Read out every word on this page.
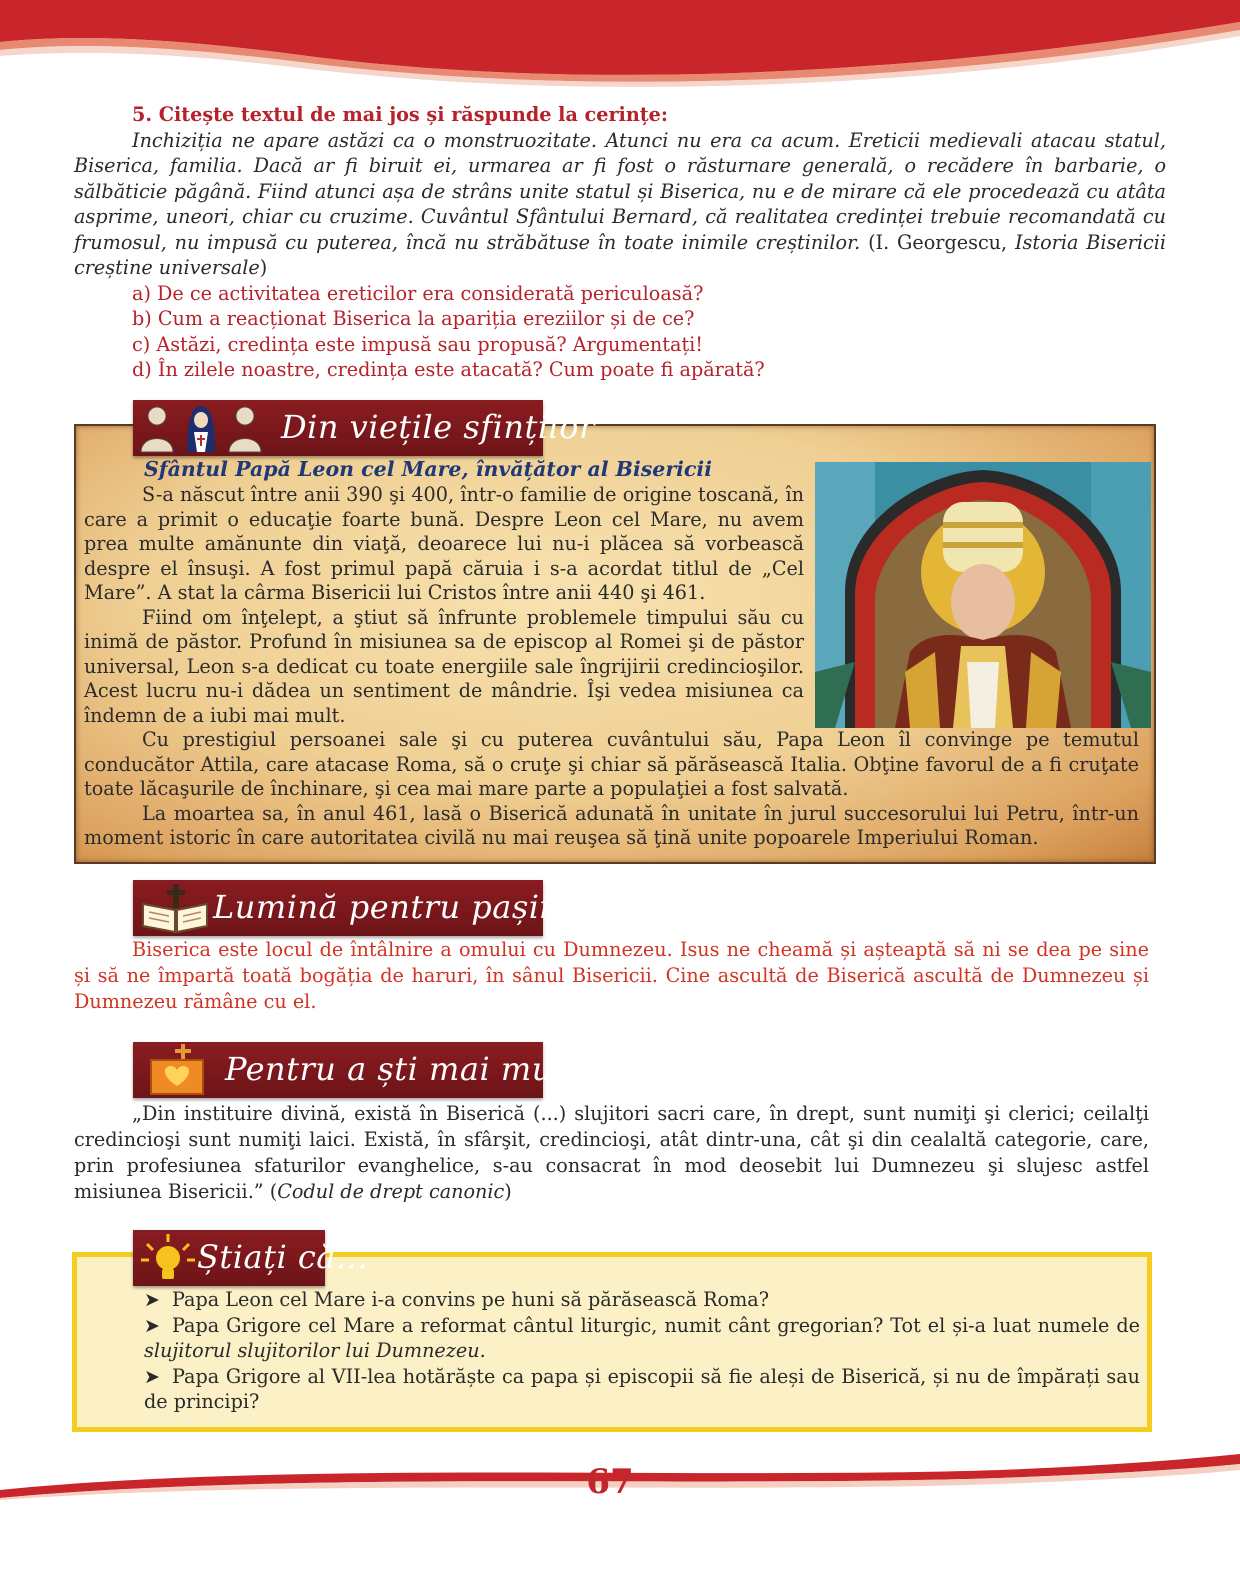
5. Citește textul de mai jos și răspunde la cerințe:
Inchiziția ne apare astăzi ca o monstruozitate. Atunci nu era ca acum. Ereticii medievali atacau statul, Biserica, familia. Dacă ar fi biruit ei, urmarea ar fi fost o răsturnare generală, o recădere în barbarie, o sălbăticie păgână. Fiind atunci așa de strâns unite statul și Biserica, nu e de mirare că ele procedează cu atâta asprime, uneori, chiar cu cruzime. Cuvântul Sfântului Bernard, că realitatea credinței trebuie recomandată cu frumosul, nu impusă cu puterea, încă nu străbătuse în toate inimile creștinilor. (I. Georgescu, Istoria Bisericii creștine universale)
a) De ce activitatea ereticilor era considerată periculoasă?
b) Cum a reacționat Biserica la apariția ereziilor și de ce?
c) Astăzi, credința este impusă sau propusă? Argumentați!
d) În zilele noastre, credința este atacată? Cum poate fi apărată?
Din viețile sfinților
Sfântul Papă Leon cel Mare, învățător al Bisericii

S-a născut între anii 390 şi 400, într-o familie de origine toscană, în care a primit o educaţie foarte bună. Despre Leon cel Mare, nu avem prea multe amănunte din viaţă, deoarece lui nu-i plăcea să vorbească despre el însuşi. A fost primul papă căruia i s-a acordat titlul de „Cel Mare”. A stat la cârma Bisericii lui Cristos între anii 440 şi 461.

Fiind om înţelept, a ştiut să înfrunte problemele timpului său cu inimă de păstor. Profund în misiunea sa de episcop al Romei şi de păstor universal, Leon s-a dedicat cu toate energiile sale îngrijirii credincioşilor. Acest lucru nu-i dădea un sentiment de mândrie. Îşi vedea misiunea ca îndemn de a iubi mai mult.

Cu prestigiul persoanei sale şi cu puterea cuvântului său, Papa Leon îl convinge pe temutul conducător Attila, care atacase Roma, să o cruţe şi chiar să părăsească Italia. Obţine favorul de a fi cruţate toate lăcaşurile de închinare, şi cea mai mare parte a populaţiei a fost salvată.

La moartea sa, în anul 461, lasă o Biserică adunată în unitate în jurul succesorului lui Petru, într-un moment istoric în care autoritatea civilă nu mai reuşea să ţină unite popoarele Imperiului Roman.

Lumină pentru pașii mei
Biserica este locul de întâlnire a omului cu Dumnezeu. Isus ne cheamă și așteaptă să ni se dea pe sine și să ne împartă toată bogăția de haruri, în sânul Bisericii. Cine ascultă de Biserică ascultă de Dumnezeu și Dumnezeu rămâne cu el.
Pentru a ști mai multe
„Din instituire divină, există în Biserică (...) slujitori sacri care, în drept, sunt numiţi şi clerici; ceilalţi credincioşi sunt numiţi laici. Există, în sfârşit, credincioşi, atât dintr-una, cât şi din cealaltă categorie, care, prin profesiunea sfaturilor evanghelice, s-au consacrat în mod deosebit lui Dumnezeu şi slujesc astfel misiunea Bisericii.” (Codul de drept canonic)
Știați că...

➤ Papa Leon cel Mare i-a convins pe huni să părăsească Roma?

➤ Papa Grigore cel Mare a reformat cântul liturgic, numit cânt gregorian? Tot el și-a luat numele de slujitorul slujitorilor lui Dumnezeu.

➤ Papa Grigore al VII-lea hotărăște ca papa și episcopii să fie aleși de Biserică, și nu de împărați sau de principi?

67
